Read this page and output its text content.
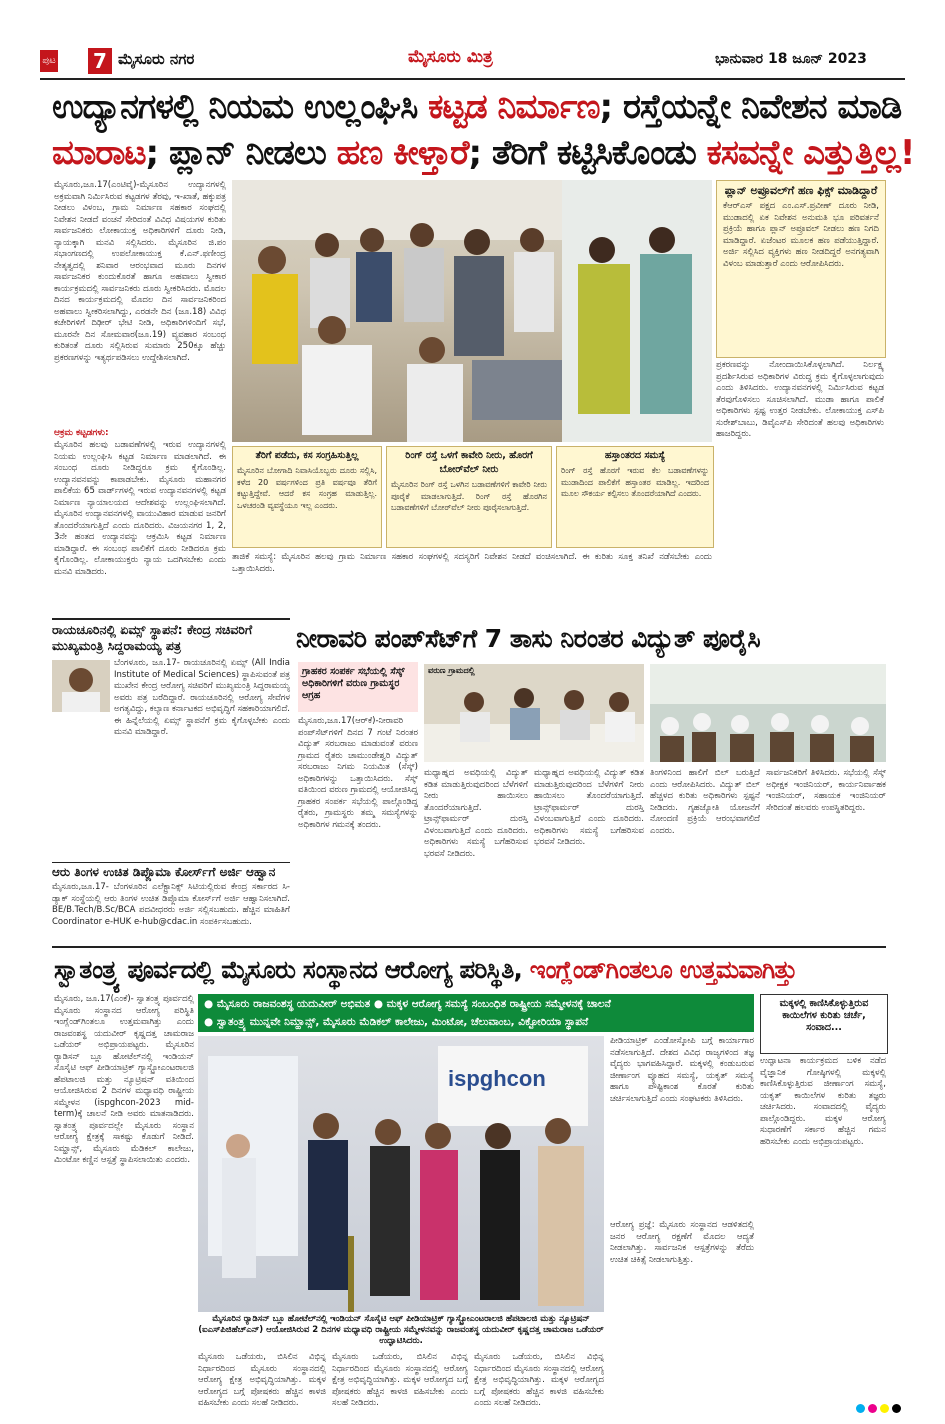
ಪುಟ 7 ಮೈಸೂರು ನಗರ	ಮೈಸೂರು ಮಿತ್ರ	ಭಾನುವಾರ 18 ಜೂನ್ 2023
ಉದ್ಯಾನಗಳಲ್ಲಿ ನಿಯಮ ಉಲ್ಲಂಘಿಸಿ ಕಟ್ಟಡ ನಿರ್ಮಾಣ; ರಸ್ತೆಯನ್ನೇ ನಿವೇಶನ ಮಾಡಿ
ಮಾರಾಟ; ಪ್ಲಾನ್ ನೀಡಲು ಹಣ ಕೀಳ್ತಾರೆ; ತೆರಿಗೆ ಕಟ್ಟಿಸಿಕೊಂಡು ಕಸವನ್ನೇ ಎತ್ತುತ್ತಿಲ್ಲ!
ಮೈಸೂರು,ಜೂ.17(ಎಂಟಿವೈ)-ಮೈಸೂರಿನ ಉದ್ಯಾನಗಳಲ್ಲಿ ಅಕ್ರಮವಾಗಿ ನಿರ್ಮಿಸಿರುವ ಕಟ್ಟಡಗಳ ತೆರವು, ಇ-ಖಾತೆ, ಹಕ್ಕುಪತ್ರ ನೀಡಲು ವಿಳಂಬ, ಗ್ರಾಮ ನಿರ್ಮಾಣ ಸಹಕಾರ ಸಂಘದಲ್ಲಿ ನಿವೇಶನ ನೀಡದೆ ವಂಚನೆ ಸೇರಿದಂತೆ ವಿವಿಧ ವಿಷಯಗಳ ಕುರಿತು ಸಾರ್ವಜನಿಕರು ಲೋಕಾಯುಕ್ತ ಅಧಿಕಾರಿಗಳಿಗೆ ದೂರು ನೀಡಿ, ನ್ಯಾಯಕ್ಕಾಗಿ ಮನವಿ ಸಲ್ಲಿಸಿದರು. ಮೈಸೂರಿನ ಜಿ.ಪಂ ಸಭಾಂಗಣದಲ್ಲಿ ಉಪಲೋಕಾಯುಕ್ತ ಕೆ.ಎನ್.ಫಣೀಂದ್ರ ನೇತೃತ್ವದಲ್ಲಿ ಶನಿವಾರ ಆರಂಭವಾದ ಮೂರು ದಿನಗಳ ಸಾರ್ವಜನಿಕರ ಕುಂದುಕೊರತೆ ಹಾಗೂ ಅಹವಾಲು ಸ್ವೀಕಾರ ಕಾರ್ಯಕ್ರಮದಲ್ಲಿ ಸಾರ್ವಜನಿಕರು ದೂರು ಸ್ವೀಕರಿಸಿದರು. ಮೊದಲ ದಿನದ ಕಾರ್ಯಕ್ರಮದಲ್ಲಿ ಮೊದಲ ದಿನ ಸಾರ್ವಜನಿಕರಿಂದ ಅಹವಾಲು ಸ್ವೀಕರಿಸಲಾಗಿದ್ದು, ಎರಡನೇ ದಿನ (ಜೂ.18) ವಿವಿಧ ಕಚೇರಿಗಳಿಗೆ ದಿಢೀರ್ ಭೇಟಿ ನೀಡಿ, ಅಧಿಕಾರಿಗಳಿಂದಿಗೆ ಸಭೆ, ಮೂರನೇ ದಿನ ಸೋಮವಾರ(ಜೂ.19) ವ್ಯವಹಾರ ಸಂಬಂಧ ಕುರಿತಂತೆ ದೂರು ಸಲ್ಲಿಸಿರುವ ಸುಮಾರು 250ಕ್ಕೂ ಹೆಚ್ಚು ಪ್ರಕರಣಗಳನ್ನು ಇತ್ಯರ್ಥಪಡಿಸಲು ಉದ್ದೇಶಿಸಲಾಗಿದೆ.
ಆಕ್ರಮ ಕಟ್ಟಡಗಳು:
ಮೈಸೂರಿನ ಹಲವು ಬಡಾವಣೆಗಳಲ್ಲಿ ಇರುವ ಉದ್ಯಾನಗಳಲ್ಲಿ ನಿಯಮ ಉಲ್ಲಂಘಿಸಿ ಕಟ್ಟಡ ನಿರ್ಮಾಣ ಮಾಡಲಾಗಿದೆ. ಈ ಸಂಬಂಧ ದೂರು ನೀಡಿದ್ದರೂ ಕ್ರಮ ಕೈಗೊಂಡಿಲ್ಲ. ಉದ್ಯಾನವನವನ್ನು ಕಾಪಾಡಬೇಕು. ಮೈಸೂರು ಮಹಾನಗರ ಪಾಲಿಕೆಯ 65 ವಾರ್ಡ್‌ಗಳಲ್ಲಿ ಇರುವ ಉದ್ಯಾನವನಗಳಲ್ಲಿ ಕಟ್ಟಡ ನಿರ್ಮಾಣ ನ್ಯಾಯಾಲಯದ ಆದೇಶವನ್ನು ಉಲ್ಲಂಘಿಸಲಾಗಿದೆ. ಮೈಸೂರಿನ ಉದ್ಯಾನವನಗಳಲ್ಲಿ ವಾಯುವಿಹಾರ ಮಾಡುವ ಜನರಿಗೆ ತೊಂದರೆಯಾಗುತ್ತಿದೆ ಎಂದು ದೂರಿದರು. ವಿಜಯನಗರ 1, 2, 3ನೇ ಹಂತದ ಉದ್ಯಾನವನ್ನು ಆಕ್ರಮಿಸಿ ಕಟ್ಟಡ ನಿರ್ಮಾಣ ಮಾಡಿದ್ದಾರೆ. ಈ ಸಂಬಂಧ ಪಾಲಿಕೆಗೆ ದೂರು ನೀಡಿದರೂ ಕ್ರಮ ಕೈಗೊಂಡಿಲ್ಲ. ಲೋಕಾಯುಕ್ತರು ನ್ಯಾಯ ಒದಗಿಸಬೇಕು ಎಂದು ಮನವಿ ಮಾಡಿದರು.
ಪ್ಲಾನ್ ಅಪ್ರೂವಲ್‌ಗೆ ಹಣ ಫಿಕ್ಸ್ ಮಾಡಿದ್ದಾರೆ
ಕೆಆರ್‌ಎಸ್ ಪಕ್ಷದ ಎಂ.ಎಸ್.ಪ್ರವೀಣ್ ದೂರು ನೀಡಿ, ಮುಡಾದಲ್ಲಿ ಏಕ ನಿವೇಶನ ಅನುಮತಿ ಭೂ ಪರಿವರ್ತನೆ ಪ್ರಕ್ರಿಯೆ ಹಾಗೂ ಪ್ಲಾನ್ ಅಪ್ರೂವಲ್ ನೀಡಲು ಹಣ ನಿಗದಿ ಮಾಡಿದ್ದಾರೆ. ಏಜೆಂಟರ ಮೂಲಕ ಹಣ ಪಡೆಯುತ್ತಿದ್ದಾರೆ. ಅರ್ಜಿ ಸಲ್ಲಿಸಿದ ವ್ಯಕ್ತಿಗಳು ಹಣ ನೀಡದಿದ್ದರೆ ಅನಗತ್ಯವಾಗಿ ವಿಳಂಬ ಮಾಡುತ್ತಾರೆ ಎಂದು ಆರೋಪಿಸಿದರು.
ಪ್ರಕರಣವನ್ನು ನೋಂದಾಯಿಸಿಕೊಳ್ಳಲಾಗಿದೆ. ನಿರ್ಲಕ್ಷ್ಯ ಪ್ರದರ್ಶಿಸಿರುವ ಅಧಿಕಾರಿಗಳ ವಿರುದ್ಧ ಕ್ರಮ ಕೈಗೊಳ್ಳಲಾಗುವುದು ಎಂದು ತಿಳಿಸಿದರು. ಉದ್ಯಾನವನಗಳಲ್ಲಿ ನಿರ್ಮಿಸಿರುವ ಕಟ್ಟಡ ತೆರವುಗೊಳಿಸಲು ಸೂಚಿಸಲಾಗಿದೆ. ಮುಡಾ ಹಾಗೂ ಪಾಲಿಕೆ ಅಧಿಕಾರಿಗಳು ಸ್ಪಷ್ಟ ಉತ್ತರ ನೀಡಬೇಕು. ಲೋಕಾಯುಕ್ತ ಎಸ್‌ಪಿ ಸುರೇಶ್‌ಬಾಬು, ಡಿವೈಎಸ್‌ಪಿ ಸೇರಿದಂತೆ ಹಲವು ಅಧಿಕಾರಿಗಳು ಹಾಜರಿದ್ದರು.
ತೆರಿಗೆ ಪಡೆದು, ಕಸ ಸಂಗ್ರಹಿಸುತ್ತಿಲ್ಲ
ಮೈಸೂರಿನ ಬೋಗಾದಿ ನಿವಾಸಿಯೊಬ್ಬರು ದೂರು ಸಲ್ಲಿಸಿ, ಕಳೆದ 20 ವರ್ಷಗಳಿಂದ ಪ್ರತಿ ವರ್ಷವೂ ತೆರಿಗೆ ಕಟ್ಟುತ್ತಿದ್ದೇವೆ. ಆದರೆ ಕಸ ಸಂಗ್ರಹ ಮಾಡುತ್ತಿಲ್ಲ. ಒಳಚರಂಡಿ ವ್ಯವಸ್ಥೆಯೂ ಇಲ್ಲ ಎಂದರು.
ರಿಂಗ್ ರಸ್ತೆ ಒಳಗೆ ಕಾವೇರಿ ನೀರು, ಹೊರಗೆ ಬೋರ್‌ವೆಲ್ ನೀರು
ಮೈಸೂರಿನ ರಿಂಗ್ ರಸ್ತೆ ಒಳಗಿನ ಬಡಾವಣೆಗಳಿಗೆ ಕಾವೇರಿ ನೀರು ಪೂರೈಕೆ ಮಾಡಲಾಗುತ್ತಿದೆ. ರಿಂಗ್ ರಸ್ತೆ ಹೊರಗಿನ ಬಡಾವಣೆಗಳಿಗೆ ಬೋರ್‌ವೆಲ್ ನೀರು ಪೂರೈಸಲಾಗುತ್ತಿದೆ.
ಹಸ್ತಾಂತರದ ಸಮಸ್ಯೆ
ರಿಂಗ್ ರಸ್ತೆ ಹೊರಗೆ ಇರುವ ಕೆಲ ಬಡಾವಣೆಗಳನ್ನು ಮುಡಾದಿಂದ ಪಾಲಿಕೆಗೆ ಹಸ್ತಾಂತರ ಮಾಡಿಲ್ಲ. ಇದರಿಂದ ಮೂಲ ಸೌಕರ್ಯ ಕಲ್ಪಿಸಲು ತೊಂದರೆಯಾಗಿದೆ ಎಂದರು.
ತಾಜಿಕೆ ಸಮಸ್ಯೆ: ಮೈಸೂರಿನ ಹಲವು ಗ್ರಾಮ ನಿರ್ಮಾಣ ಸಹಕಾರ ಸಂಘಗಳಲ್ಲಿ ಸದಸ್ಯರಿಗೆ ನಿವೇಶನ ನೀಡದೆ ವಂಚಿಸಲಾಗಿದೆ. ಈ ಕುರಿತು ಸೂಕ್ತ ತನಿಖೆ ನಡೆಸಬೇಕು ಎಂದು ಒತ್ತಾಯಿಸಿದರು.
ರಾಯಚೂರಿನಲ್ಲಿ ಏಮ್ಸ್ ಸ್ಥಾಪನೆ: ಕೇಂದ್ರ ಸಚಿವರಿಗೆ ಮುಖ್ಯಮಂತ್ರಿ ಸಿದ್ದರಾಮಯ್ಯ ಪತ್ರ
ಬೆಂಗಳೂರು, ಜೂ.17- ರಾಯಚೂರಿನಲ್ಲಿ ಏಮ್ಸ್ (All India Institute of Medical Sciences) ಸ್ಥಾಪಿಸುವಂತೆ ಪತ್ರ ಮುಖೇನ ಕೇಂದ್ರ ಆರೋಗ್ಯ ಸಚಿವರಿಗೆ ಮುಖ್ಯಮಂತ್ರಿ ಸಿದ್ದರಾಮಯ್ಯ ಅವರು ಪತ್ರ ಬರೆದಿದ್ದಾರೆ. ರಾಯಚೂರಿನಲ್ಲಿ ಆರೋಗ್ಯ ಸೇವೆಗಳ ಅಗತ್ಯವಿದ್ದು, ಕಲ್ಯಾಣ ಕರ್ನಾಟಕದ ಅಭಿವೃದ್ಧಿಗೆ ಸಹಕಾರಿಯಾಗಲಿದೆ. ಈ ಹಿನ್ನೆಲೆಯಲ್ಲಿ ಏಮ್ಸ್ ಸ್ಥಾಪನೆಗೆ ಕ್ರಮ ಕೈಗೊಳ್ಳಬೇಕು ಎಂದು ಮನವಿ ಮಾಡಿದ್ದಾರೆ.
ಆರು ತಿಂಗಳ ಉಚಿತ ಡಿಪ್ಲೊಮಾ ಕೋರ್ಸ್‌ಗೆ ಅರ್ಜಿ ಆಹ್ವಾನ
ಮೈಸೂರು,ಜೂ.17- ಬೆಂಗಳೂರಿನ ಎಲೆಕ್ಟ್ರಾನಿಕ್ಸ್ ಸಿಟಿಯಲ್ಲಿರುವ ಕೇಂದ್ರ ಸರ್ಕಾರದ ಸಿ-ಡ್ಯಾಕ್ ಸಂಸ್ಥೆಯಲ್ಲಿ ಆರು ತಿಂಗಳ ಉಚಿತ ಡಿಪ್ಲೊಮಾ ಕೋರ್ಸ್‌ಗೆ ಅರ್ಜಿ ಆಹ್ವಾನಿಸಲಾಗಿದೆ. BE/B.Tech/B.Sc/BCA ಪದವೀಧರರು ಅರ್ಜಿ ಸಲ್ಲಿಸಬಹುದು. ಹೆಚ್ಚಿನ ಮಾಹಿತಿಗೆ Coordinator e-HUK e-hub@cdac.in ಸಂಪರ್ಕಿಸಬಹುದು.
ನೀರಾವರಿ ಪಂಪ್‌ಸೆಟ್‌ಗೆ 7 ತಾಸು ನಿರಂತರ ವಿದ್ಯುತ್ ಪೂರೈಸಿ
ಗ್ರಾಹಕರ ಸಂಪರ್ಕ ಸಭೆಯಲ್ಲಿ ಸೆಸ್ಕ್ ಅಧಿಕಾರಿಗಳಿಗೆ ವರುಣ ಗ್ರಾಮಸ್ಥರ ಆಗ್ರಹ
ಮೈಸೂರು,ಜೂ.17(ಆರ್‌ಕೆ)-ನೀರಾವರಿ ಪಂಪ್‌ಸೆಟ್‌ಗಳಿಗೆ ದಿನದ 7 ಗಂಟೆ ನಿರಂತರ ವಿದ್ಯುತ್ ಸರಬರಾಜು ಮಾಡುವಂತೆ ವರುಣ ಗ್ರಾಮದ ರೈತರು ಚಾಮುಂಡೇಶ್ವರಿ ವಿದ್ಯುತ್ ಸರಬರಾಜು ನಿಗಮ ನಿಯಮಿತ (ಸೆಸ್ಕ್) ಅಧಿಕಾರಿಗಳನ್ನು ಒತ್ತಾಯಿಸಿದರು. ಸೆಸ್ಕ್ ವತಿಯಿಂದ ವರುಣ ಗ್ರಾಮದಲ್ಲಿ ಆಯೋಜಿಸಿದ್ದ ಗ್ರಾಹಕರ ಸಂಪರ್ಕ ಸಭೆಯಲ್ಲಿ ಪಾಲ್ಗೊಂಡಿದ್ದ ರೈತರು, ಗ್ರಾಮಸ್ಥರು ತಮ್ಮ ಸಮಸ್ಯೆಗಳನ್ನು ಅಧಿಕಾರಿಗಳ ಗಮನಕ್ಕೆ ತಂದರು.
ವರುಣ ಗ್ರಾಮದಲ್ಲಿ
ಮಧ್ಯಾಹ್ನದ ಅವಧಿಯಲ್ಲಿ ವಿದ್ಯುತ್ ಕಡಿತ ಮಾಡುತ್ತಿರುವುದರಿಂದ ಬೆಳೆಗಳಿಗೆ ನೀರು ಹಾಯಿಸಲು ತೊಂದರೆಯಾಗುತ್ತಿದೆ. ಟ್ರಾನ್ಸ್‌ಫಾರ್ಮರ್ ದುರಸ್ತಿ ವಿಳಂಬವಾಗುತ್ತಿದೆ ಎಂದು ದೂರಿದರು. ಅಧಿಕಾರಿಗಳು ಸಮಸ್ಯೆ ಬಗೆಹರಿಸುವ ಭರವಸೆ ನೀಡಿದರು.
ಮಧ್ಯಾಹ್ನದ ಅವಧಿಯಲ್ಲಿ ವಿದ್ಯುತ್ ಕಡಿತ ಮಾಡುತ್ತಿರುವುದರಿಂದ ಬೆಳೆಗಳಿಗೆ ನೀರು ಹಾಯಿಸಲು ತೊಂದರೆಯಾಗುತ್ತಿದೆ. ಟ್ರಾನ್ಸ್‌ಫಾರ್ಮರ್ ದುರಸ್ತಿ ವಿಳಂಬವಾಗುತ್ತಿದೆ ಎಂದು ದೂರಿದರು. ಅಧಿಕಾರಿಗಳು ಸಮಸ್ಯೆ ಬಗೆಹರಿಸುವ ಭರವಸೆ ನೀಡಿದರು.
ತಿಂಗಳಿನಿಂದ ಹಾಲಿಗೆ ಬಿಲ್ ಬರುತ್ತಿದೆ ಎಂದು ಆರೋಪಿಸಿದರು. ವಿದ್ಯುತ್ ಬಿಲ್ ಹೆಚ್ಚಳದ ಕುರಿತು ಅಧಿಕಾರಿಗಳು ಸ್ಪಷ್ಟನೆ ನೀಡಿದರು. ಗೃಹಜ್ಯೋತಿ ಯೋಜನೆಗೆ ನೋಂದಣಿ ಪ್ರಕ್ರಿಯೆ ಆರಂಭವಾಗಲಿದೆ ಎಂದರು.
ಸಾರ್ವಜನಿಕರಿಗೆ ತಿಳಿಸಿದರು. ಸಭೆಯಲ್ಲಿ ಸೆಸ್ಕ್ ಅಧೀಕ್ಷಕ ಇಂಜಿನಿಯರ್, ಕಾರ್ಯನಿರ್ವಾಹಕ ಇಂಜಿನಿಯರ್, ಸಹಾಯಕ ಇಂಜಿನಿಯರ್ ಸೇರಿದಂತೆ ಹಲವರು ಉಪಸ್ಥಿತರಿದ್ದರು.
ಸ್ವಾತಂತ್ರ್ಯ ಪೂರ್ವದಲ್ಲಿ ಮೈಸೂರು ಸಂಸ್ಥಾನದ ಆರೋಗ್ಯ ಪರಿಸ್ಥಿತಿ, ಇಂಗ್ಲೆಂಡ್‌ಗಿಂತಲೂ ಉತ್ತಮವಾಗಿತ್ತು
ಮೈಸೂರು, ಜೂ.17(ಎಂಕೆ)- ಸ್ವಾತಂತ್ರ್ಯ ಪೂರ್ವದಲ್ಲಿ ಮೈಸೂರು ಸಂಸ್ಥಾನದ ಆರೋಗ್ಯ ಪರಿಸ್ಥಿತಿ ಇಂಗ್ಲೆಂಡ್‌ಗಿಂತಲೂ ಉತ್ತಮವಾಗಿತ್ತು ಎಂದು ರಾಜವಂಶಸ್ಥ ಯದುವೀರ್ ಕೃಷ್ಣದತ್ತ ಚಾಮರಾಜ ಒಡೆಯರ್ ಅಭಿಪ್ರಾಯಪಟ್ಟರು. ಮೈಸೂರಿನ ರ‍್ಯಾಡಿಸನ್ ಬ್ಲೂ ಹೋಟೆಲ್‌ನಲ್ಲಿ ಇಂಡಿಯನ್ ಸೊಸೈಟಿ ಆಫ್ ಪೀಡಿಯಾಟ್ರಿಕ್ ಗ್ಯಾಸ್ಟ್ರೋಎಂಟರಾಲಜಿ ಹೆಪಟಾಲಜಿ ಮತ್ತು ನ್ಯೂಟ್ರಿಷನ್ ವತಿಯಿಂದ ಆಯೋಜಿಸಿರುವ 2 ದಿನಗಳ ಮಧ್ಯಾವಧಿ ರಾಷ್ಟ್ರೀಯ ಸಮ್ಮೇಳನ (ispghcon-2023 mid-term)ಕ್ಕೆ ಚಾಲನೆ ನೀಡಿ ಅವರು ಮಾತನಾಡಿದರು. ಸ್ವಾತಂತ್ರ್ಯ ಪೂರ್ವದಲ್ಲೇ ಮೈಸೂರು ಸಂಸ್ಥಾನ ಆರೋಗ್ಯ ಕ್ಷೇತ್ರಕ್ಕೆ ಸಾಕಷ್ಟು ಕೊಡುಗೆ ನೀಡಿದೆ. ನಿಮ್ಹಾನ್ಸ್, ಮೈಸೂರು ಮೆಡಿಕಲ್ ಕಾಲೇಜು, ಮಿಂಟೋ ಕಣ್ಣಿನ ಆಸ್ಪತ್ರೆ ಸ್ಥಾಪಿಸಲಾಯಿತು ಎಂದರು.
● ಮೈಸೂರು ರಾಜವಂಶಸ್ಥ ಯದುವೀರ್ ಅಭಿಮತ ● ಮಕ್ಕಳ ಆರೋಗ್ಯ ಸಮಸ್ಯೆ ಸಂಬಂಧಿತ ರಾಷ್ಟ್ರೀಯ ಸಮ್ಮೇಳನಕ್ಕೆ ಚಾಲನೆ
● ಸ್ವಾತಂತ್ರ್ಯ ಮುನ್ನವೇ ನಿಮ್ಹಾನ್ಸ್, ಮೈಸೂರು ಮೆಡಿಕಲ್ ಕಾಲೇಜು, ಮಿಂಟೋ, ಚೆಲುವಾಂಬ, ವಿಕ್ಟೋರಿಯಾ ಸ್ಥಾಪನೆ
ispghcon
ಮೈಸೂರಿನ ರ‍್ಯಾಡಿಸನ್ ಬ್ಲೂ ಹೋಟೆಲ್‌ನಲ್ಲಿ ಇಂಡಿಯನ್ ಸೊಸೈಟಿ ಆಫ್ ಪೀಡಿಯಾಟ್ರಿಕ್ ಗ್ಯಾಸ್ಟ್ರೋಎಂಟರಾಲಜಿ ಹೆಪಟಾಲಜಿ ಮತ್ತು ನ್ಯೂಟ್ರಿಷನ್ (ಐಎಸ್‌ಪಿಜಿಹೆಚ್‌ಎನ್) ಆಯೋಜಿಸಿರುವ 2 ದಿನಗಳ ಮಧ್ಯಾವಧಿ ರಾಷ್ಟ್ರೀಯ ಸಮ್ಮೇಳನವನ್ನು ರಾಜವಂಶಸ್ಥ ಯದುವೀರ್ ಕೃಷ್ಣದತ್ತ ಚಾಮರಾಜ ಒಡೆಯರ್ ಉದ್ಘಾಟಿಸಿದರು.
ಮೈಸೂರು ಒಡೆಯರು, ಬಿಸಿಲಿನ ವಿಭಿನ್ನ ನಿರ್ಧಾರದಿಂದ ಮೈಸೂರು ಸಂಸ್ಥಾನದಲ್ಲಿ ಆರೋಗ್ಯ ಕ್ಷೇತ್ರ ಅಭಿವೃದ್ಧಿಯಾಗಿತ್ತು. ಮಕ್ಕಳ ಆರೋಗ್ಯದ ಬಗ್ಗೆ ಪೋಷಕರು ಹೆಚ್ಚಿನ ಕಾಳಜಿ ವಹಿಸಬೇಕು ಎಂದು ಸಲಹೆ ನೀಡಿದರು.
ಮೈಸೂರು ಒಡೆಯರು, ಬಿಸಿಲಿನ ವಿಭಿನ್ನ ನಿರ್ಧಾರದಿಂದ ಮೈಸೂರು ಸಂಸ್ಥಾನದಲ್ಲಿ ಆರೋಗ್ಯ ಕ್ಷೇತ್ರ ಅಭಿವೃದ್ಧಿಯಾಗಿತ್ತು. ಮಕ್ಕಳ ಆರೋಗ್ಯದ ಬಗ್ಗೆ ಪೋಷಕರು ಹೆಚ್ಚಿನ ಕಾಳಜಿ ವಹಿಸಬೇಕು ಎಂದು ಸಲಹೆ ನೀಡಿದರು.
ಮೈಸೂರು ಒಡೆಯರು, ಬಿಸಿಲಿನ ವಿಭಿನ್ನ ನಿರ್ಧಾರದಿಂದ ಮೈಸೂರು ಸಂಸ್ಥಾನದಲ್ಲಿ ಆರೋಗ್ಯ ಕ್ಷೇತ್ರ ಅಭಿವೃದ್ಧಿಯಾಗಿತ್ತು. ಮಕ್ಕಳ ಆರೋಗ್ಯದ ಬಗ್ಗೆ ಪೋಷಕರು ಹೆಚ್ಚಿನ ಕಾಳಜಿ ವಹಿಸಬೇಕು ಎಂದು ಸಲಹೆ ನೀಡಿದರು.
ಪೀಡಿಯಾಟ್ರಿಕ್ ಎಂಡೋಸ್ಕೋಪಿ ಬಗ್ಗೆ ಕಾರ್ಯಾಗಾರ ನಡೆಸಲಾಗುತ್ತಿದೆ. ದೇಶದ ವಿವಿಧ ರಾಜ್ಯಗಳಿಂದ ತಜ್ಞ ವೈದ್ಯರು ಭಾಗವಹಿಸಿದ್ದಾರೆ. ಮಕ್ಕಳಲ್ಲಿ ಕಂಡುಬರುವ ಜೀರ್ಣಾಂಗ ವ್ಯೂಹದ ಸಮಸ್ಯೆ, ಯಕೃತ್ ಸಮಸ್ಯೆ ಹಾಗೂ ಪೌಷ್ಟಿಕಾಂಶ ಕೊರತೆ ಕುರಿತು ಚರ್ಚಿಸಲಾಗುತ್ತಿದೆ ಎಂದು ಸಂಘಟಕರು ತಿಳಿಸಿದರು.
ಆರೋಗ್ಯ ಪ್ರಜ್ಞೆ: ಮೈಸೂರು ಸಂಸ್ಥಾನದ ಆಡಳಿತದಲ್ಲಿ ಜನರ ಆರೋಗ್ಯ ರಕ್ಷಣೆಗೆ ಮೊದಲ ಆದ್ಯತೆ ನೀಡಲಾಗಿತ್ತು. ಸಾರ್ವಜನಿಕ ಆಸ್ಪತ್ರೆಗಳನ್ನು ತೆರೆದು ಉಚಿತ ಚಿಕಿತ್ಸೆ ನೀಡಲಾಗುತ್ತಿತ್ತು.
ಮಕ್ಕಳಲ್ಲಿ ಕಾಣಿಸಿಕೊಳ್ಳುತ್ತಿರುವ ಕಾಯಿಲೆಗಳ ಕುರಿತು ಚರ್ಚೆ, ಸಂವಾದ...
ಉದ್ಘಾಟನಾ ಕಾರ್ಯಕ್ರಮದ ಬಳಿಕ ನಡೆದ ವೈಜ್ಞಾನಿಕ ಗೋಷ್ಠಿಗಳಲ್ಲಿ ಮಕ್ಕಳಲ್ಲಿ ಕಾಣಿಸಿಕೊಳ್ಳುತ್ತಿರುವ ಜೀರ್ಣಾಂಗ ಸಮಸ್ಯೆ, ಯಕೃತ್ ಕಾಯಿಲೆಗಳ ಕುರಿತು ತಜ್ಞರು ಚರ್ಚಿಸಿದರು. ಸಂವಾದದಲ್ಲಿ ವೈದ್ಯರು ಪಾಲ್ಗೊಂಡಿದ್ದರು. ಮಕ್ಕಳ ಆರೋಗ್ಯ ಸುಧಾರಣೆಗೆ ಸರ್ಕಾರ ಹೆಚ್ಚಿನ ಗಮನ ಹರಿಸಬೇಕು ಎಂದು ಅಭಿಪ್ರಾಯಪಟ್ಟರು.
